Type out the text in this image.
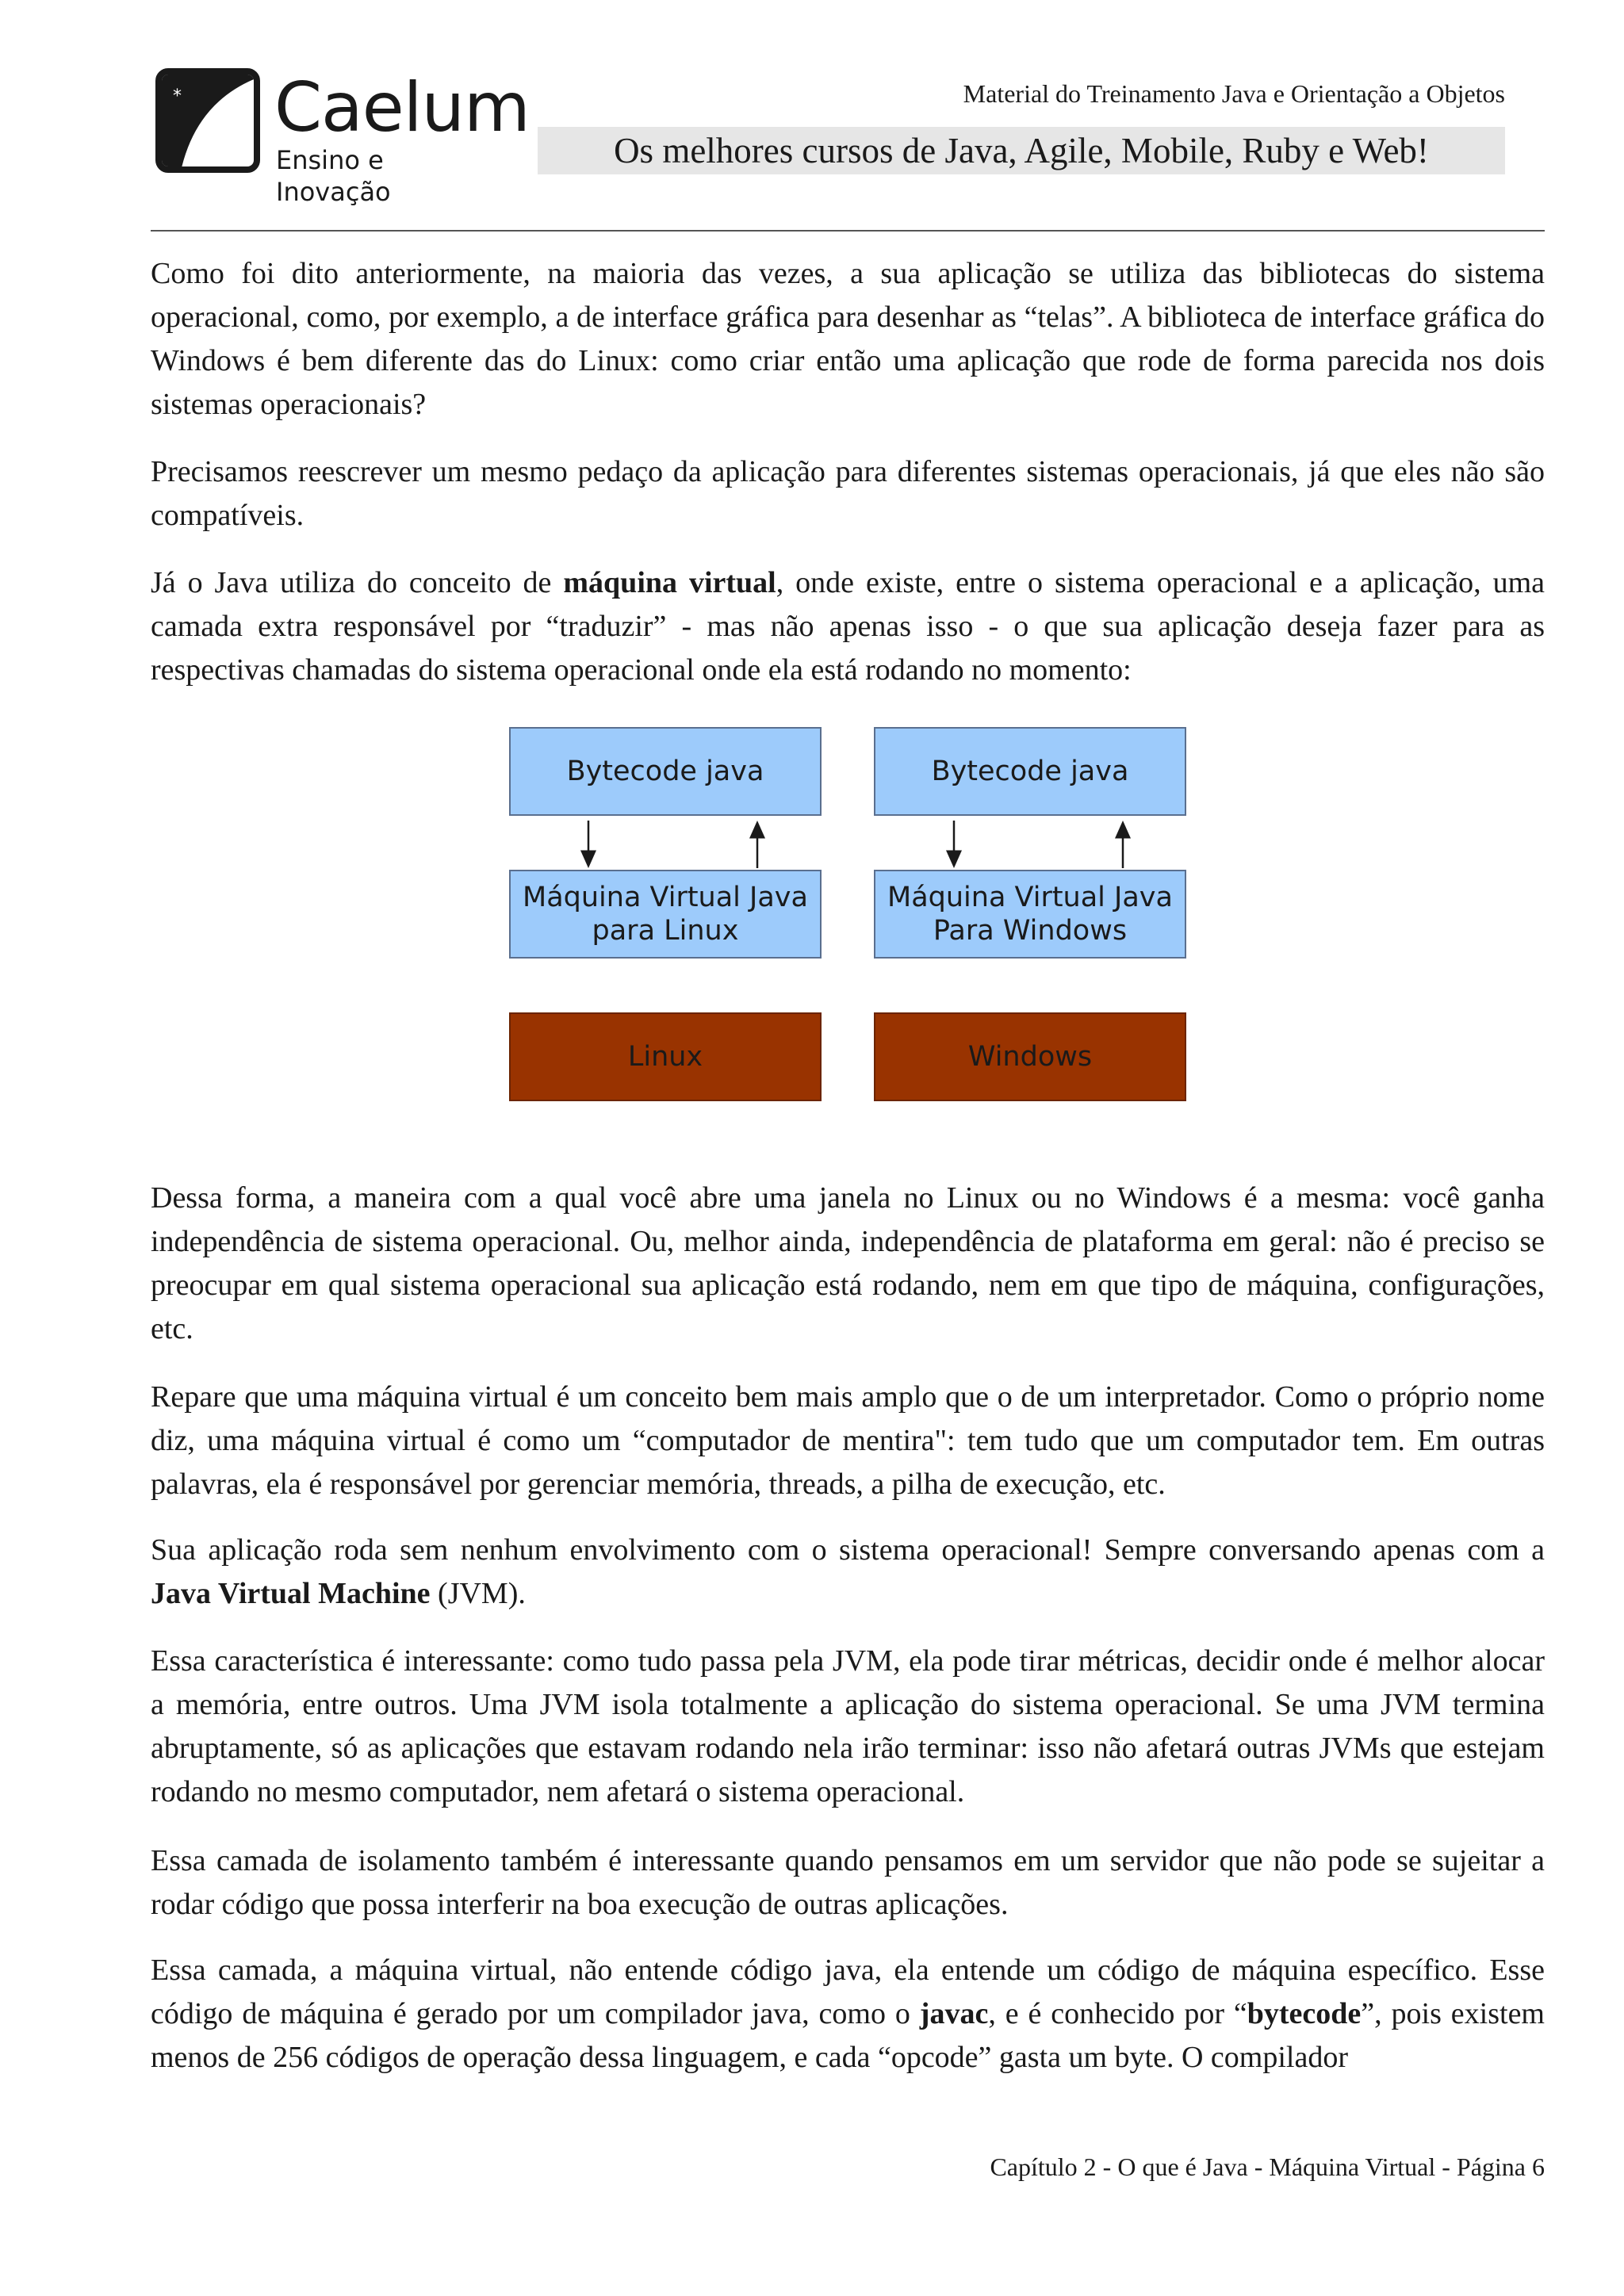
* Caelum
Ensino e Inovação
Material do Treinamento Java e Orientação a Objetos
Os melhores cursos de Java, Agile, Mobile, Ruby e Web!

Como foi dito anteriormente, na maioria das vezes, a sua aplicação se utiliza das bibliotecas do sistema operacional, como, por exemplo, a de interface gráfica para desenhar as “telas”. A biblioteca de interface gráfica do Windows é bem diferente das do Linux: como criar então uma aplicação que rode de forma parecida nos dois sistemas operacionais?

Precisamos reescrever um mesmo pedaço da aplicação para diferentes sistemas operacionais, já que eles não são compatíveis.

Já o Java utiliza do conceito de máquina virtual, onde existe, entre o sistema operacional e a aplicação, uma camada extra responsável por “traduzir” - mas não apenas isso - o que sua aplicação deseja fazer para as respectivas chamadas do sistema operacional onde ela está rodando no momento:

Bytecode java
Máquina Virtual Java
para Linux
Linux
Bytecode java
Máquina Virtual Java
Para Windows
Windows

Dessa forma, a maneira com a qual você abre uma janela no Linux ou no Windows é a mesma: você ganha independência de sistema operacional. Ou, melhor ainda, independência de plataforma em geral: não é preciso se preocupar em qual sistema operacional sua aplicação está rodando, nem em que tipo de máquina, configurações, etc.

Repare que uma máquina virtual é um conceito bem mais amplo que o de um interpretador. Como o próprio nome diz, uma máquina virtual é como um “computador de mentira": tem tudo que um computador tem. Em outras palavras, ela é responsável por gerenciar memória, threads, a pilha de execução, etc.

Sua aplicação roda sem nenhum envolvimento com o sistema operacional! Sempre conversando apenas com a Java Virtual Machine (JVM).

Essa característica é interessante: como tudo passa pela JVM, ela pode tirar métricas, decidir onde é melhor alocar a memória, entre outros. Uma JVM isola totalmente a aplicação do sistema operacional. Se uma JVM termina abruptamente, só as aplicações que estavam rodando nela irão terminar: isso não afetará outras JVMs que estejam rodando no mesmo computador, nem afetará o sistema operacional.

Essa camada de isolamento também é interessante quando pensamos em um servidor que não pode se sujeitar a rodar código que possa interferir na boa execução de outras aplicações.

Essa camada, a máquina virtual, não entende código java, ela entende um código de máquina específico. Esse código de máquina é gerado por um compilador java, como o javac, e é conhecido por “bytecode”, pois existem menos de 256 códigos de operação dessa linguagem, e cada “opcode” gasta um byte. O compilador

Capítulo 2 - O que é Java - Máquina Virtual - Página 6
